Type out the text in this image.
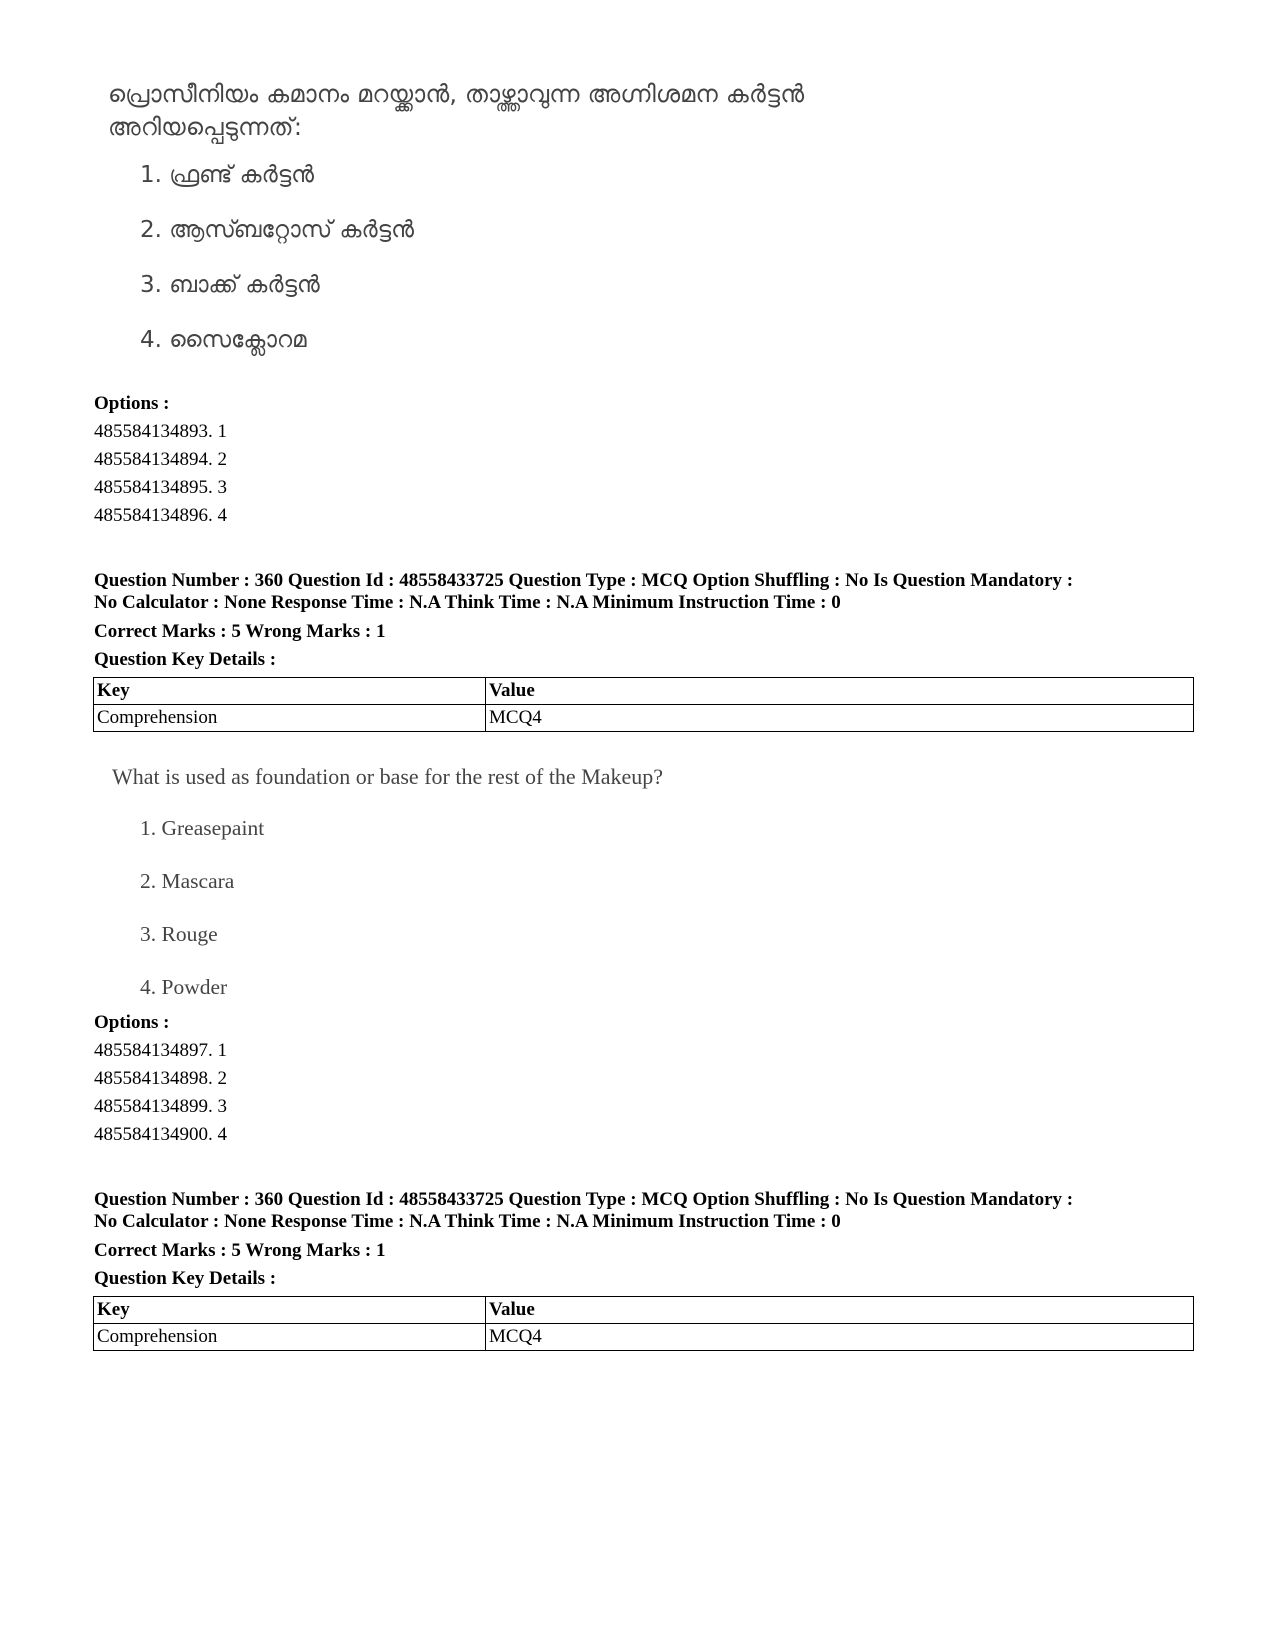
പ്രൊസീനിയം കമാനം മറയ്ക്കാൻ, താഴ്ത്താവുന്ന അഗ്നിശമന കർട്ടൻ
അറിയപ്പെടുന്നത്:
1. ഫ്രണ്ട് കർട്ടൻ
2. ആസ്ബറ്റോസ് കർട്ടൻ
3. ബാക്ക് കർട്ടൻ
4. സൈക്ലോറമ
Options :
485584134893. 1
485584134894. 2
485584134895. 3
485584134896. 4
Question Number : 360 Question Id : 48558433725 Question Type : MCQ Option Shuffling : No Is Question Mandatory :
No Calculator : None Response Time : N.A Think Time : N.A Minimum Instruction Time : 0
Correct Marks : 5 Wrong Marks : 1
Question Key Details :
Key	Value
Comprehension	MCQ4
What is used as foundation or base for the rest of the Makeup?
1. Greasepaint
2. Mascara
3. Rouge
4. Powder
Options :
485584134897. 1
485584134898. 2
485584134899. 3
485584134900. 4
Question Number : 360 Question Id : 48558433725 Question Type : MCQ Option Shuffling : No Is Question Mandatory :
No Calculator : None Response Time : N.A Think Time : N.A Minimum Instruction Time : 0
Correct Marks : 5 Wrong Marks : 1
Question Key Details :
Key	Value
Comprehension	MCQ4
